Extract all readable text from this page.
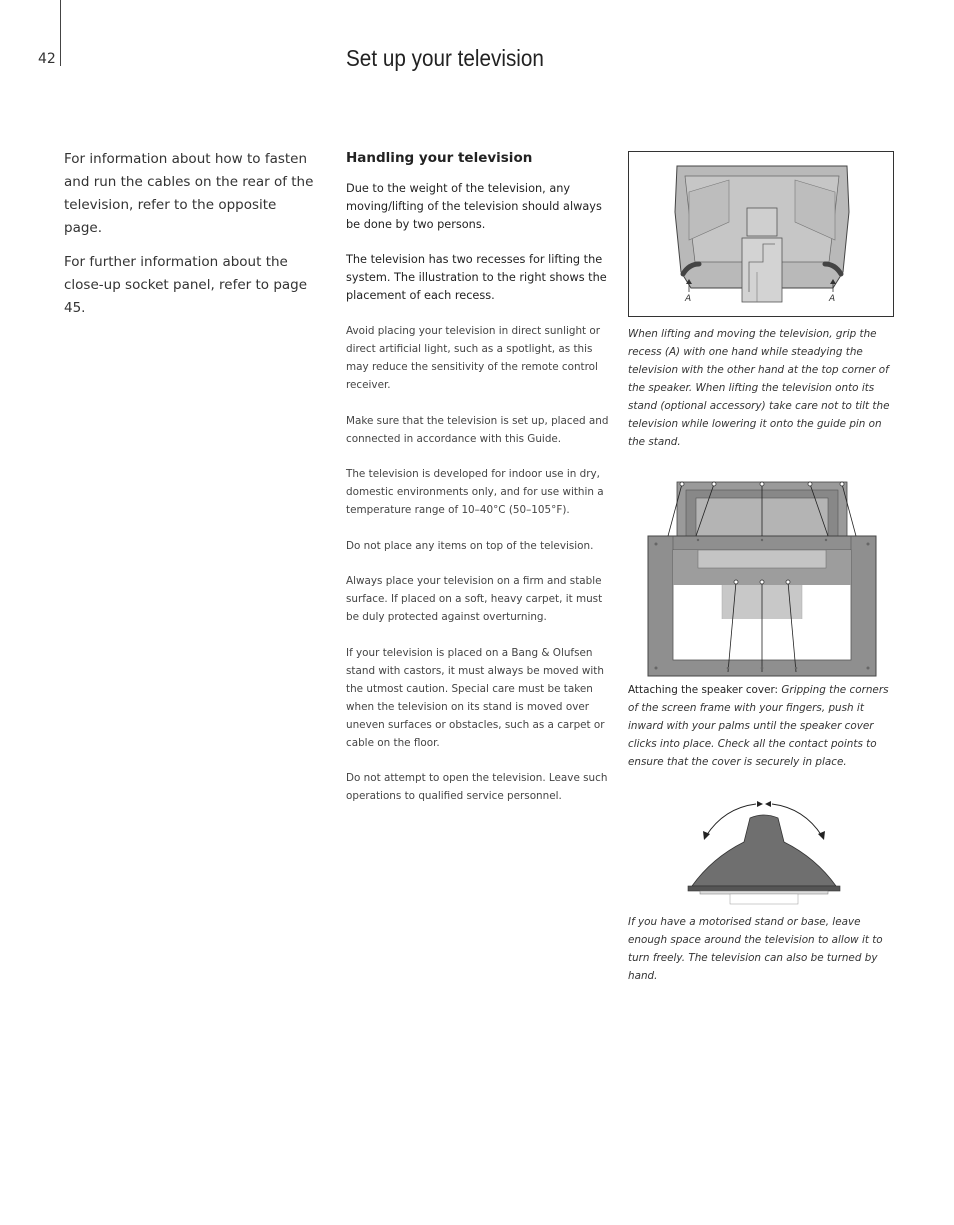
42	Set up your television

For information about how to fasten and run the cables on the rear of the television, refer to the opposite page.

For further information about the close-up socket panel, refer to page 45.

Handling your television

Due to the weight of the television, any moving/lifting of the television should always be done by two persons.

The television has two recesses for lifting the system. The illustration to the right shows the placement of each recess.

Avoid placing your television in direct sunlight or direct artificial light, such as a spotlight, as this may reduce the sensitivity of the remote control receiver.

Make sure that the television is set up, placed and connected in accordance with this Guide.

The television is developed for indoor use in dry, domestic environments only, and for use within a temperature range of 10–40°C (50–105°F).

Do not place any items on top of the television.

Always place your television on a firm and stable surface. If placed on a soft, heavy carpet, it must be duly protected against overturning.

If your television is placed on a Bang & Olufsen stand with castors, it must always be moved with the utmost caution. Special care must be taken when the television on its stand is moved over uneven surfaces or obstacles, such as a carpet or cable on the floor.

Do not attempt to open the television. Leave such operations to qualified service personnel.

A	A

When lifting and moving the television, grip the recess (A) with one hand while steadying the television with the other hand at the top corner of the speaker. When lifting the television onto its stand (optional accessory) take care not to tilt the television while lowering it onto the guide pin on the stand.

Attaching the speaker cover: Gripping the corners of the screen frame with your fingers, push it inward with your palms until the speaker cover clicks into place. Check all the contact points to ensure that the cover is securely in place.

If you have a motorised stand or base, leave enough space around the television to allow it to turn freely. The television can also be turned by hand.
